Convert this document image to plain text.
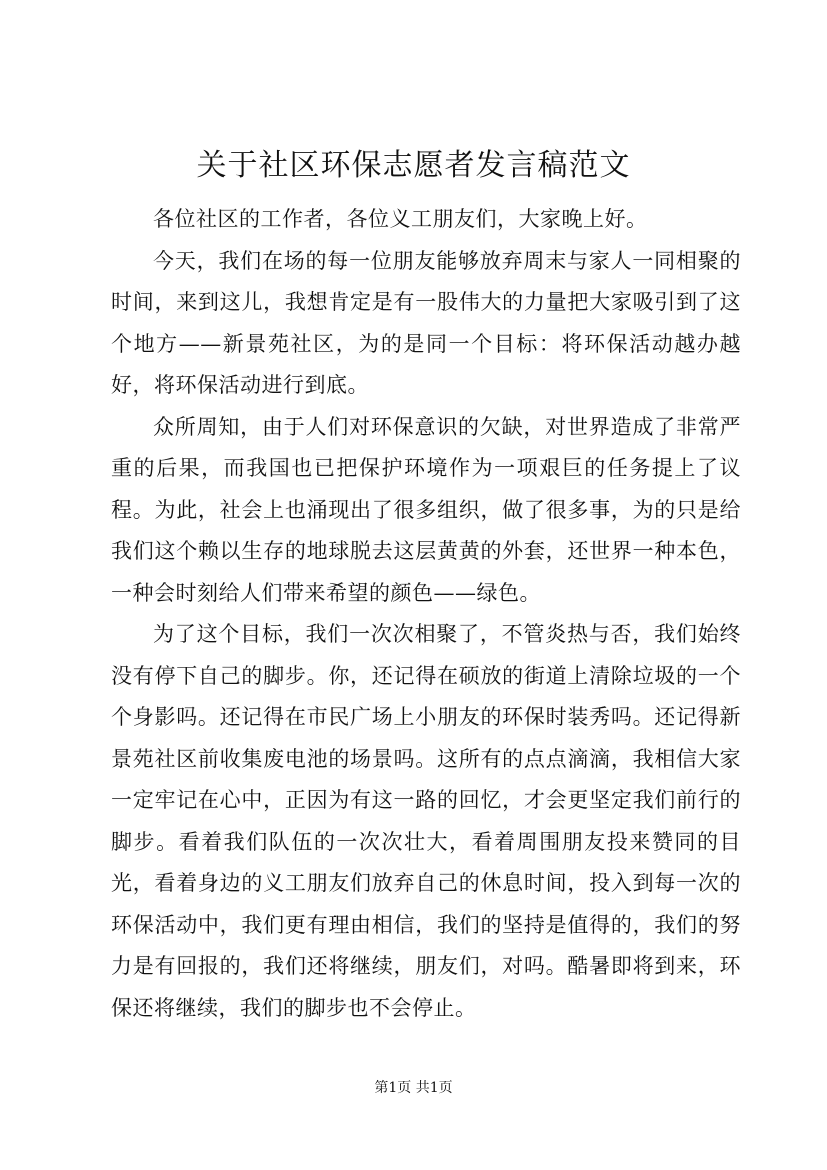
关于社区环保志愿者发言稿范文

各位社区的工作者，各位义工朋友们，大家晚上好。

今天，我们在场的每一位朋友能够放弃周末与家人一同相聚的时间，来到这儿，我想肯定是有一股伟大的力量把大家吸引到了这个地方——新景苑社区，为的是同一个目标：将环保活动越办越好，将环保活动进行到底。

众所周知，由于人们对环保意识的欠缺，对世界造成了非常严重的后果，而我国也已把保护环境作为一项艰巨的任务提上了议程。为此，社会上也涌现出了很多组织，做了很多事，为的只是给我们这个赖以生存的地球脱去这层黄黄的外套，还世界一种本色，一种会时刻给人们带来希望的颜色——绿色。

为了这个目标，我们一次次相聚了，不管炎热与否，我们始终没有停下自己的脚步。你，还记得在硕放的街道上清除垃圾的一个个身影吗。还记得在市民广场上小朋友的环保时装秀吗。还记得新景苑社区前收集废电池的场景吗。这所有的点点滴滴，我相信大家一定牢记在心中，正因为有这一路的回忆，才会更坚定我们前行的脚步。看着我们队伍的一次次壮大，看着周围朋友投来赞同的目光，看着身边的义工朋友们放弃自己的休息时间，投入到每一次的环保活动中，我们更有理由相信，我们的坚持是值得的，我们的努力是有回报的，我们还将继续，朋友们，对吗。酷暑即将到来，环保还将继续，我们的脚步也不会停止。

第1页 共1页
